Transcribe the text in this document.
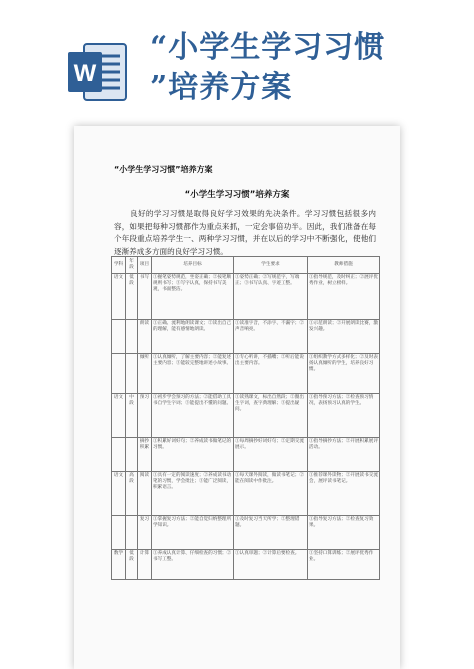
W
“小学生学习习惯
”培养方案
“小学生学习习惯”培养方案
“小学生学习习惯”培养方案
良好的学习习惯是取得良好学习效果的先决条件。学习习惯包括很多内容，如果把每种习惯都作为重点来抓，一定会事倍功半。因此，我们准备在每个年段重点培养学生一、两种学习习惯，并在以后的学习中不断强化，使他们逐渐养成多方面的良好学习习惯。
学科	年段	项目	培养目标	学生要求	教师措施
语文	低段	书写	①握笔姿势规范，坐姿正确；②按笔顺规则书写；③写字认真，保持书写美观，书面整洁。	①姿势正确；②写规范字，写端正；③书写认真、字迹工整。	①指导规范，及时纠正；②展评优秀作业，树立榜样。
		朗读	①正确、流利地朗读课文；②读出自己的理解，能有感情地朗读。	①读准字音，不添字、不漏字；②声音响亮。	①示范朗读；②开展朗读比赛，激发兴趣。
		倾听	①认真倾听，了解主要内容；②能复述主要内容；③能较完整地讲述小故事。	①专心听讲，不插嘴；②听后能说出主要内容。	①组织教学方式多样化；②及时表扬认真倾听的学生，培养良好习惯。
语文	中段	预习	①初步学会预习的方法；②能借助工具书自学生字词；③能提出不懂的问题。	①读熟课文，标出自然段；②圈出生字词，查字典理解；③提出疑问。	①指导预习方法；②检查预习情况，表扬预习认真的学生。
		摘抄积累	①积累好词好句；②养成读书做笔记的习惯。	①每周摘抄好词好句；②定期交流展示。	①指导摘抄方法；②开展积累展评活动。
语文	高段	阅读	①具有一定的阅读速度；②养成读书动笔的习惯，学会批注；③能广泛阅读，积累语言。	①每天课外阅读，做读书笔记；②能在阅读中作批注。	①推荐课外读物；②开展读书交流会，展评读书笔记。
		复习	①掌握复习方法；②能自觉归纳整理所学知识。	①及时复习当天所学；②整理错题。	①指导复习方法；②检查复习效果。
数学	低段	计算	①养成认真计算、仔细检查的习惯；②书写工整。	①认真审题；②计算后要检查。	①坚持口算训练；②展评优秀作业。
